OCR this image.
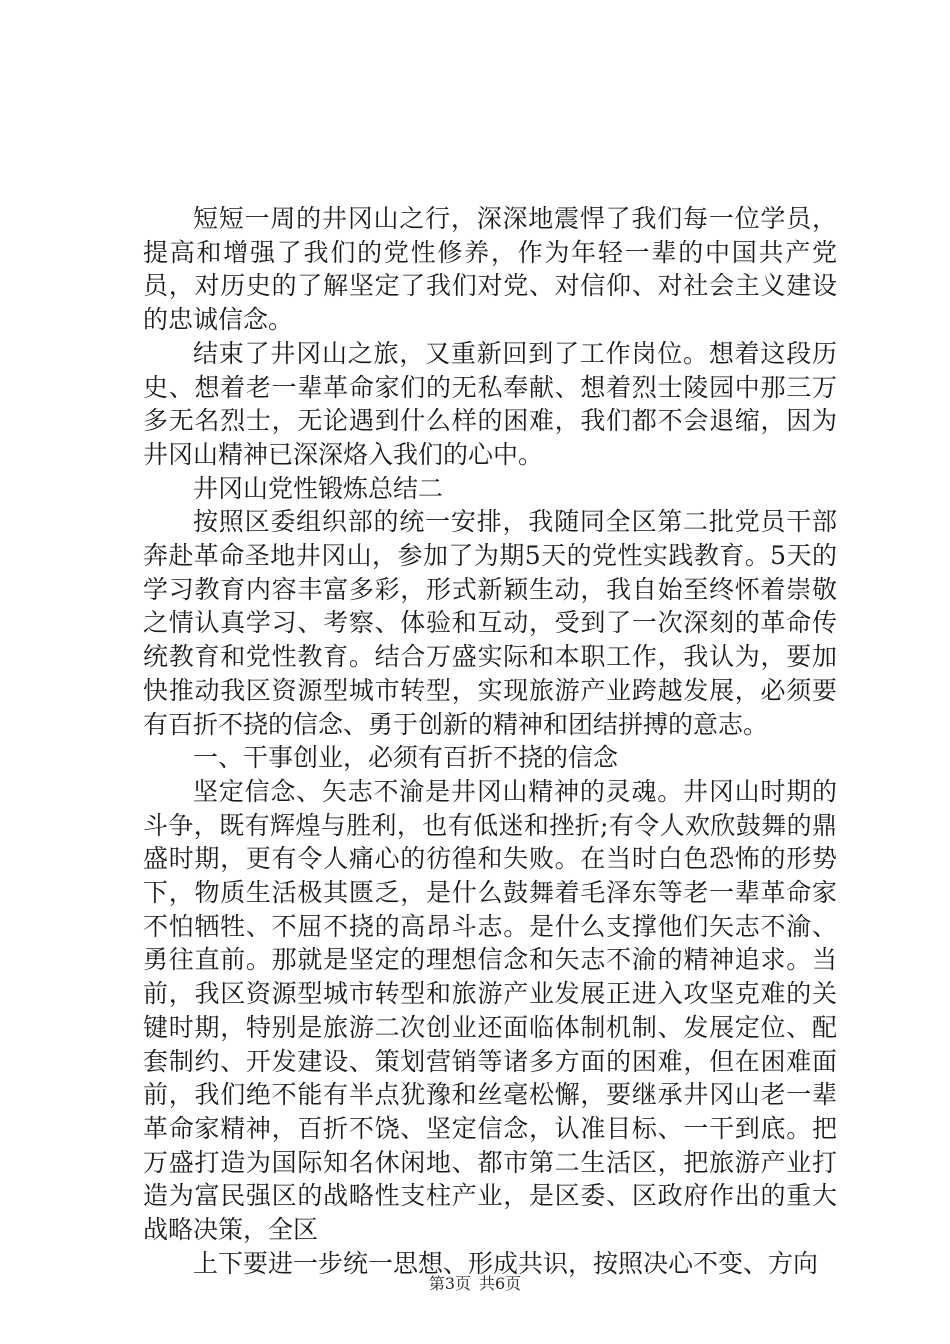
短短一周的井冈山之行，深深地震悍了我们每一位学员，提高和增强了我们的党性修养，作为年轻一辈的中国共产党员，对历史的了解坚定了我们对党、对信仰、对社会主义建设的忠诚信念。

结束了井冈山之旅，又重新回到了工作岗位。想着这段历史、想着老一辈革命家们的无私奉献、想着烈士陵园中那三万多无名烈士，无论遇到什么样的困难，我们都不会退缩，因为井冈山精神已深深烙入我们的心中。

井冈山党性锻炼总结二

按照区委组织部的统一安排，我随同全区第二批党员干部奔赴革命圣地井冈山，参加了为期5天的党性实践教育。5天的学习教育内容丰富多彩，形式新颖生动，我自始至终怀着崇敬之情认真学习、考察、体验和互动，受到了一次深刻的革命传统教育和党性教育。结合万盛实际和本职工作，我认为，要加快推动我区资源型城市转型，实现旅游产业跨越发展，必须要有百折不挠的信念、勇于创新的精神和团结拼搏的意志。

一、干事创业，必须有百折不挠的信念

坚定信念、矢志不渝是井冈山精神的灵魂。井冈山时期的斗争，既有辉煌与胜利，也有低迷和挫折;有令人欢欣鼓舞的鼎盛时期，更有令人痛心的彷徨和失败。在当时白色恐怖的形势下，物质生活极其匮乏，是什么鼓舞着毛泽东等老一辈革命家不怕牺牲、不屈不挠的高昂斗志。是什么支撑他们矢志不渝、勇往直前。那就是坚定的理想信念和矢志不渝的精神追求。当前，我区资源型城市转型和旅游产业发展正进入攻坚克难的关键时期，特别是旅游二次创业还面临体制机制、发展定位、配套制约、开发建设、策划营销等诸多方面的困难，但在困难面前，我们绝不能有半点犹豫和丝毫松懈，要继承井冈山老一辈革命家精神，百折不饶、坚定信念，认准目标、一干到底。把万盛打造为国际知名休闲地、都市第二生活区，把旅游产业打造为富民强区的战略性支柱产业，是区委、区政府作出的重大战略决策，全区

上下要进一步统一思想、形成共识，按照决心不变、方向

第3页 共6页
